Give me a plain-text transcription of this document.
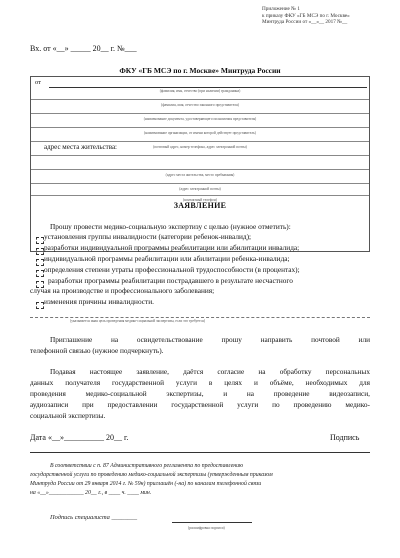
Приложение № 1
к приказу ФКУ «ГБ МСЭ по г. Москве»
Минтруда России от «__»__ 2017 №__
Вх. от «__» _____ 20__ г. №___
ФКУ «ГБ МСЭ по г. Москве» Минтруда России
от
(фамилия, имя, отчество (при наличии) гражданина)
(фамилия, имя, отчество законного представителя)
(наименование документа, удостоверяющего полномочия представителя)
(наименование организации, от имени которой действует представитель)
(почтовый адрес, номер телефона, адрес электронной почты)
(адрес места жительства, место пребывания)
(адрес электронной почты)
(контактный телефон)
адрес места жительства:
ЗАЯВЛЕНИЕ
Прошу провести медико-социальную экспертизу с целью (нужное отметить):
установления группы инвалидности (категории ребенок-инвалид);
разработки индивидуальной программы реабилитации или абилитации инвалида;
индивидуальной программы реабилитации или абилитации ребенка-инвалида;
определения степени утраты профессиональной трудоспособности (в процентах);
разработки программы реабилитации пострадавшего в результате несчастного
случая на производстве и профессионального заболевания;
изменения причины инвалидности.
(указывается иная цель проведения медико-социальной экспертизы, если это требуется)
Приглашение на освидетельствование прошу направить почтовой или
телефонной связью (нужное подчеркнуть).
Подавая настоящее заявление, даётся согласие на обработку персональных
данных получателя государственной услуги в целях и объёме, необходимых для
проведения медико-социальной экспертизы, и на проведение видеозаписи,
аудиозаписи при предоставлении государственной услуги по проведению медико-
социальной экспертизы.
Дата «__»__________ 20__ г.	Подпись
В соответствии с п. 87 Административного регламента по предоставлению
государственной услуги по проведению медико-социальной экспертизы (утвержденным приказом
Минтруда России от 29 января 2014 г. № 59н) приглашён (-на) по каналам телефонной связи
на «__»____________ 20__ г., в ____ ч. ____ мин.
Подпись специалиста ________
(расшифровка подписи)
